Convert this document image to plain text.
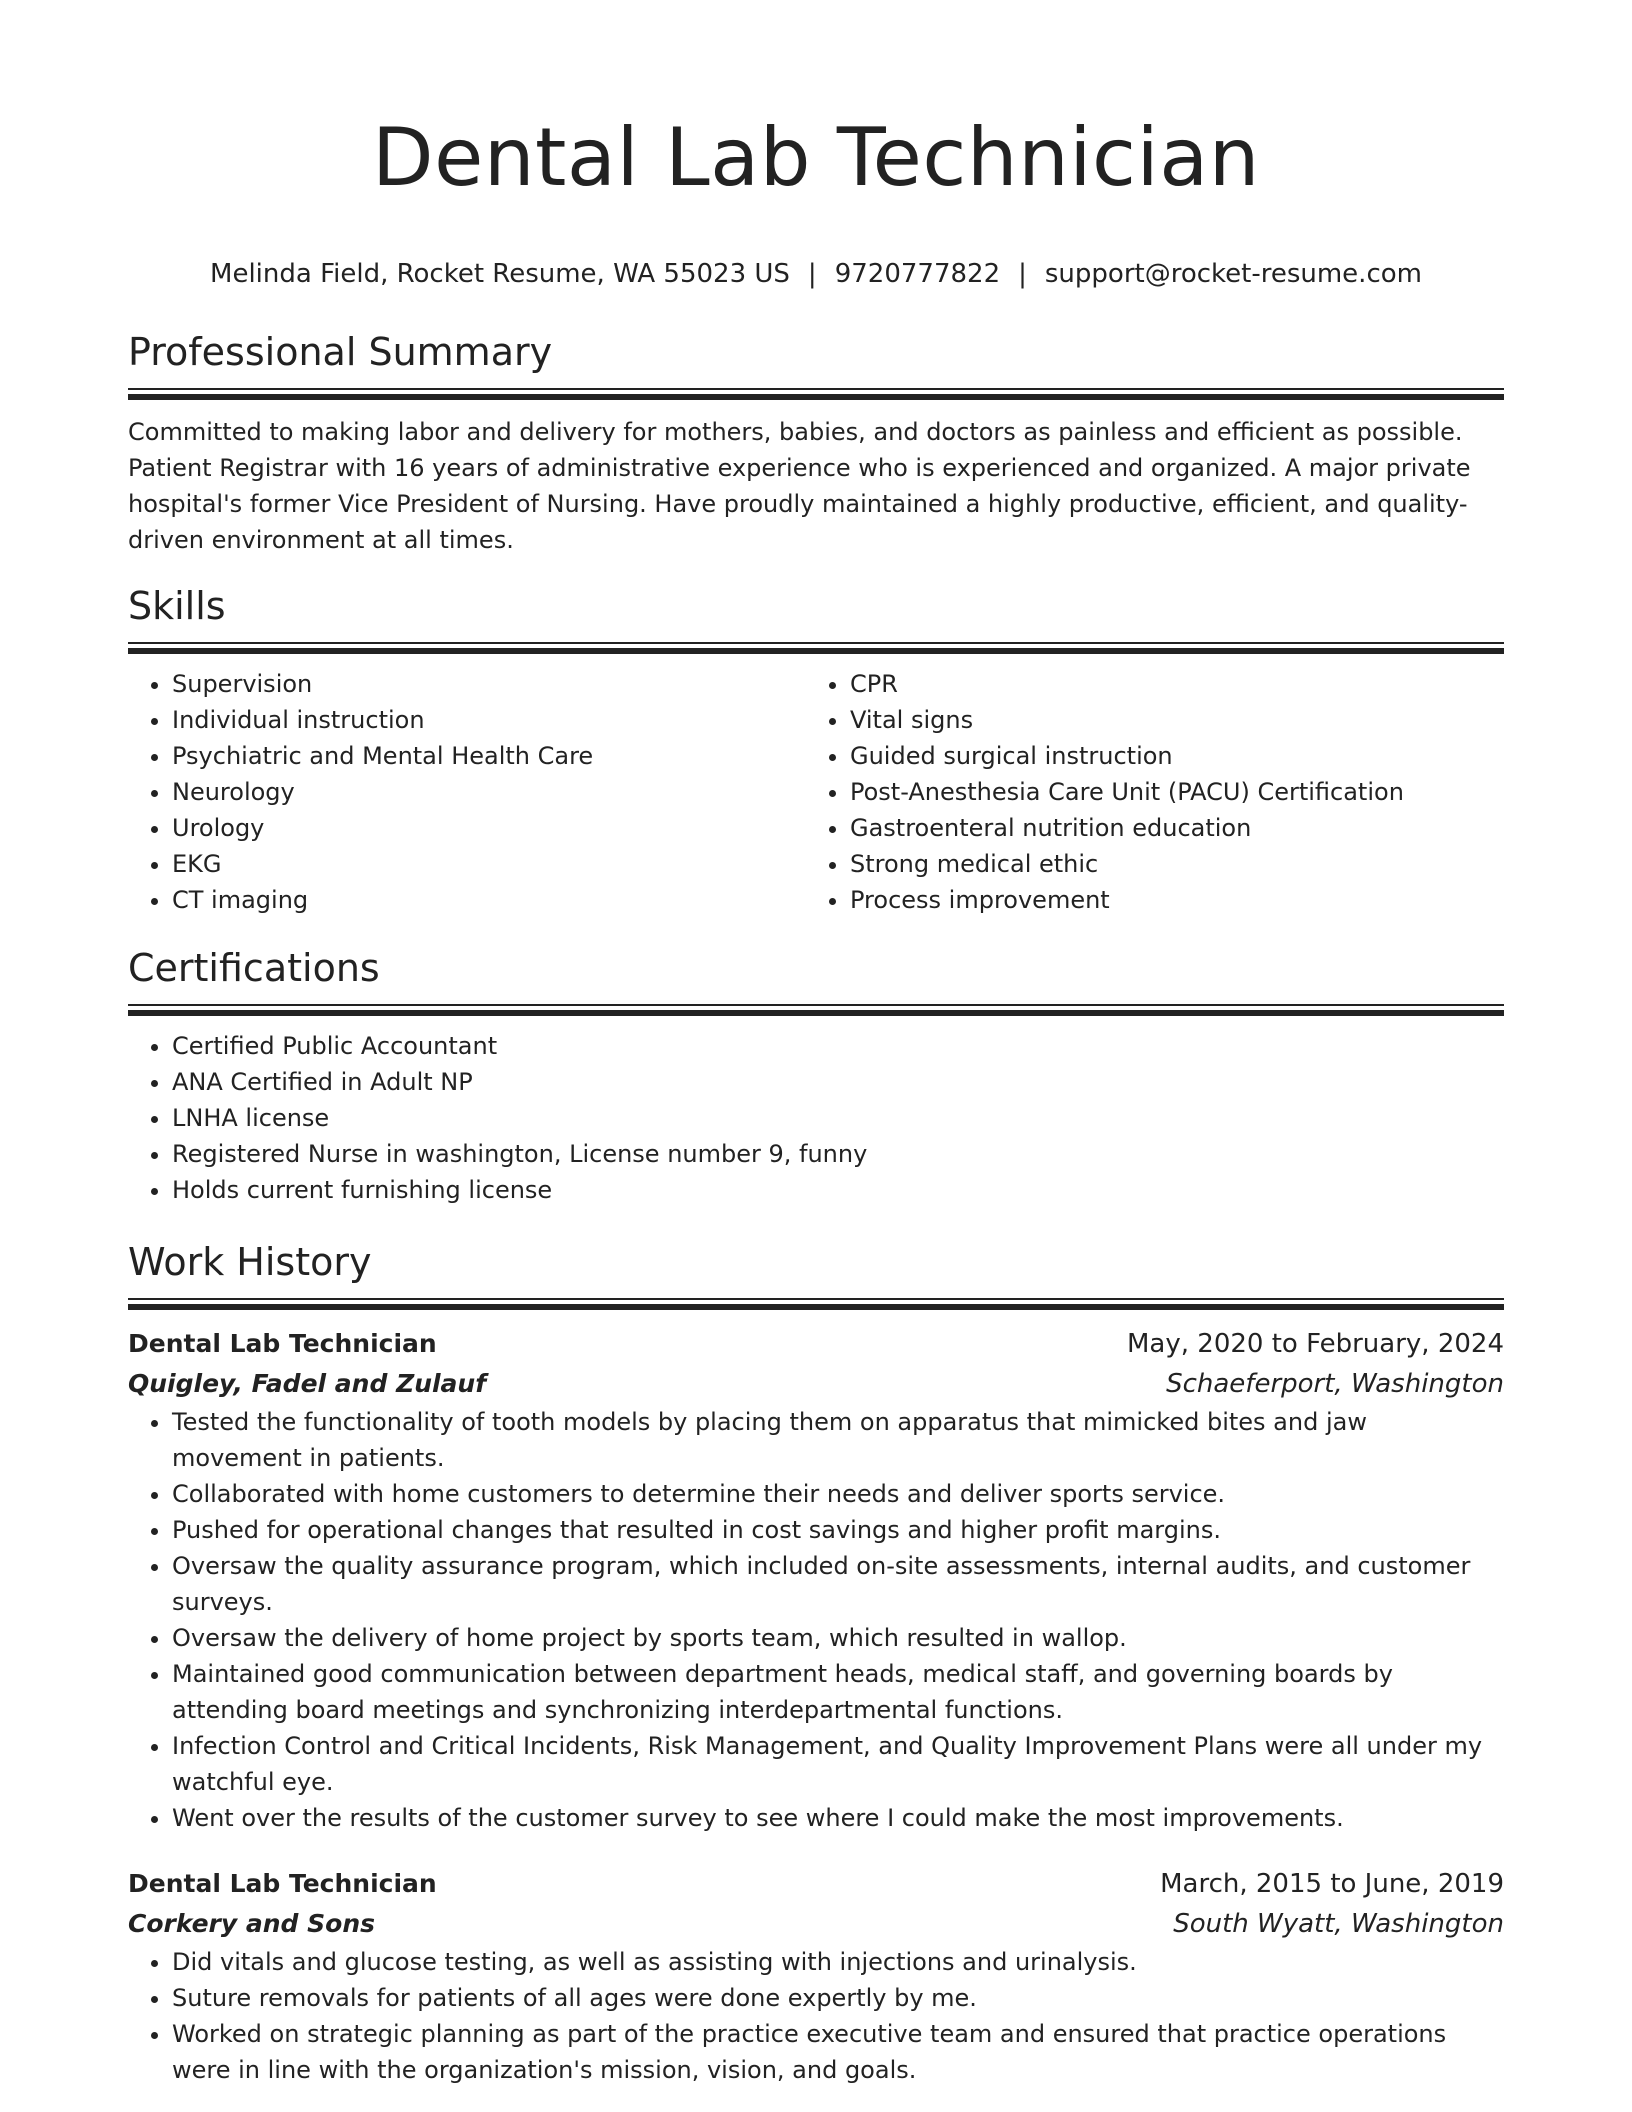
Dental Lab Technician
Melinda Field, Rocket Resume, WA 55023 US | 9720777822 | support@rocket-resume.com
Professional Summary

Committed to making labor and delivery for mothers, babies, and doctors as painless and efficient as possible. Patient Registrar with 16 years of administrative experience who is experienced and organized. A major private hospital's former Vice President of Nursing. Have proudly maintained a highly productive, efficient, and quality-driven environment at all times.

Skills
• Supervision
• Individual instruction
• Psychiatric and Mental Health Care
• Neurology
• Urology
• EKG
• CT imaging
• CPR
• Vital signs
• Guided surgical instruction
• Post-Anesthesia Care Unit (PACU) Certification
• Gastroenteral nutrition education
• Strong medical ethic
• Process improvement
Certifications
• Certified Public Accountant
• ANA Certified in Adult NP
• LNHA license
• Registered Nurse in washington, License number 9, funny
• Holds current furnishing license
Work History
Dental Lab Technician	May, 2020 to February, 2024
Quigley, Fadel and Zulauf	Schaeferport, Washington
• Tested the functionality of tooth models by placing them on apparatus that mimicked bites and jaw movement in patients.
• Collaborated with home customers to determine their needs and deliver sports service.
• Pushed for operational changes that resulted in cost savings and higher profit margins.
• Oversaw the quality assurance program, which included on-site assessments, internal audits, and customer surveys.
• Oversaw the delivery of home project by sports team, which resulted in wallop.
• Maintained good communication between department heads, medical staff, and governing boards by attending board meetings and synchronizing interdepartmental functions.
• Infection Control and Critical Incidents, Risk Management, and Quality Improvement Plans were all under my watchful eye.
• Went over the results of the customer survey to see where I could make the most improvements.
Dental Lab Technician	March, 2015 to June, 2019
Corkery and Sons	South Wyatt, Washington
• Did vitals and glucose testing, as well as assisting with injections and urinalysis.
• Suture removals for patients of all ages were done expertly by me.
• Worked on strategic planning as part of the practice executive team and ensured that practice operations were in line with the organization's mission, vision, and goals.
